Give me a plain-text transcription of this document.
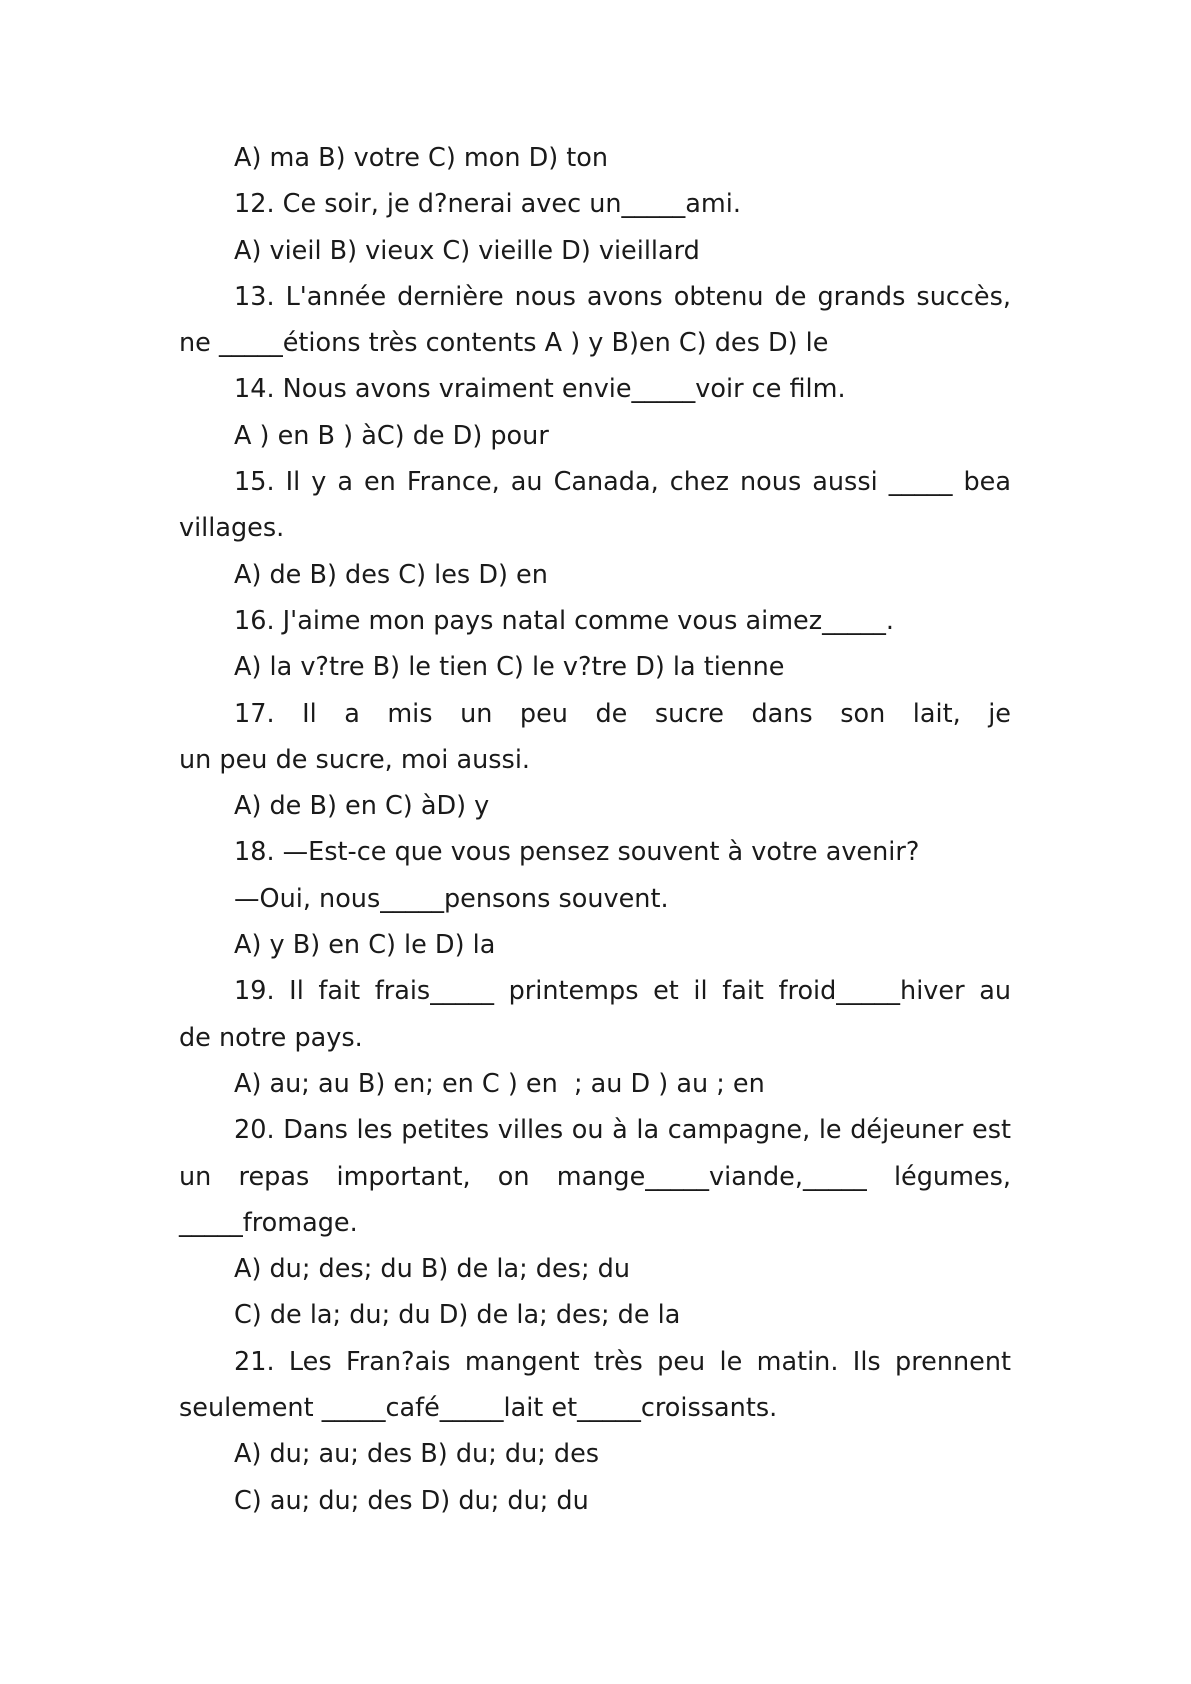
A) ma B) votre C) mon D) ton
12. Ce soir, je d?nerai avec un_____ami.
A) vieil B) vieux C) vieille D) vieillard
13. L'année dernière nous avons obtenu de grands succès,
ne _____étions très contents A ) y B)en C) des D) le
14. Nous avons vraiment envie_____voir ce film.
A ) en B ) àC) de D) pour
15. Il y a en France, au Canada, chez nous aussi _____ bea
villages.
A) de B) des C) les D) en
16. J'aime mon pays natal comme vous aimez_____.
A) la v?tre B) le tien C) le v?tre D) la tienne
17. Il a mis un peu de sucre dans son lait, je
un peu de sucre, moi aussi.
A) de B) en C) àD) y
18. —Est-ce que vous pensez souvent à votre avenir?
—Oui, nous_____pensons souvent.
A) y B) en C) le D) la
19. Il fait frais_____ printemps et il fait froid_____hiver au
de notre pays.
A) au; au B) en; en C ) en  ; au D ) au ; en
20. Dans les petites villes ou à la campagne, le déjeuner est
un repas important, on mange_____viande,_____ légumes,
_____fromage.
A) du; des; du B) de la; des; du
C) de la; du; du D) de la; des; de la
21. Les Fran?ais mangent très peu le matin. Ils prennent
seulement _____café_____lait et_____croissants.
A) du; au; des B) du; du; des
C) au; du; des D) du; du; du
